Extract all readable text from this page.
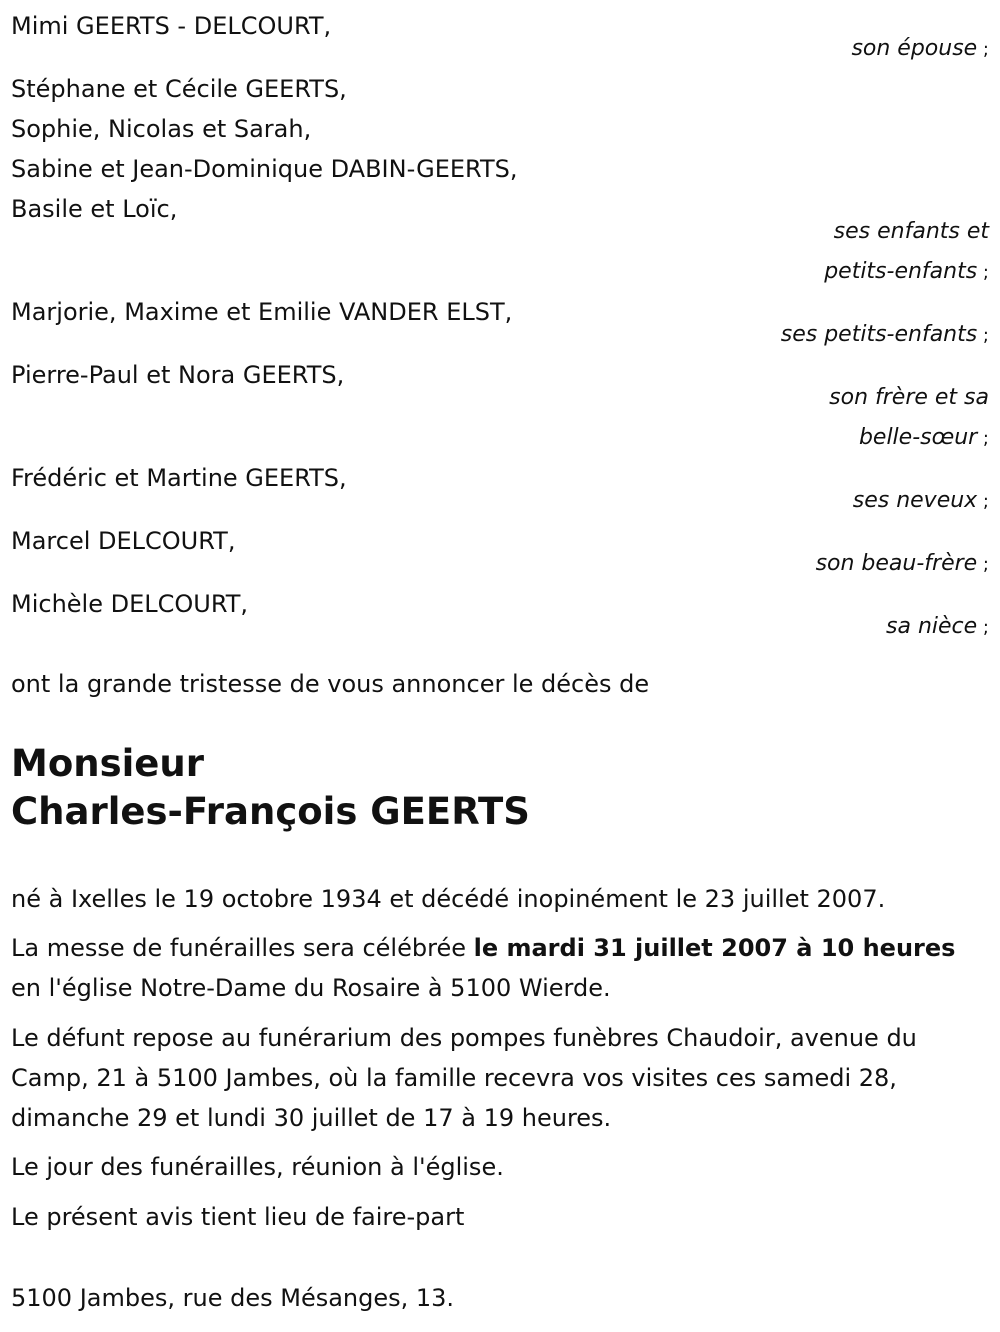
Mimi GEERTS - DELCOURT,

son épouse ;

Stéphane et Cécile GEERTS,

Sophie, Nicolas et Sarah,

Sabine et Jean-Dominique DABIN-GEERTS,

Basile et Loïc,

ses enfants et

petits-enfants ;

Marjorie, Maxime et Emilie VANDER ELST,

ses petits-enfants ;

Pierre-Paul et Nora GEERTS,

son frère et sa

belle-sœur ;

Frédéric et Martine GEERTS,

ses neveux ;

Marcel DELCOURT,

son beau-frère ;

Michèle DELCOURT,

sa nièce ;

ont la grande tristesse de vous annoncer le décès de

Monsieur
Charles-François GEERTS

né à Ixelles le 19 octobre 1934 et décédé inopinément le 23 juillet 2007.

La messe de funérailles sera célébrée le mardi 31 juillet 2007 à 10 heures en l'église Notre-Dame du Rosaire à 5100 Wierde.

Le défunt repose au funérarium des pompes funèbres Chaudoir, avenue du Camp, 21 à 5100 Jambes, où la famille recevra vos visites ces samedi 28, dimanche 29 et lundi 30 juillet de 17 à 19 heures.

Le jour des funérailles, réunion à l'église.

Le présent avis tient lieu de faire-part

5100 Jambes, rue des Mésanges, 13.
